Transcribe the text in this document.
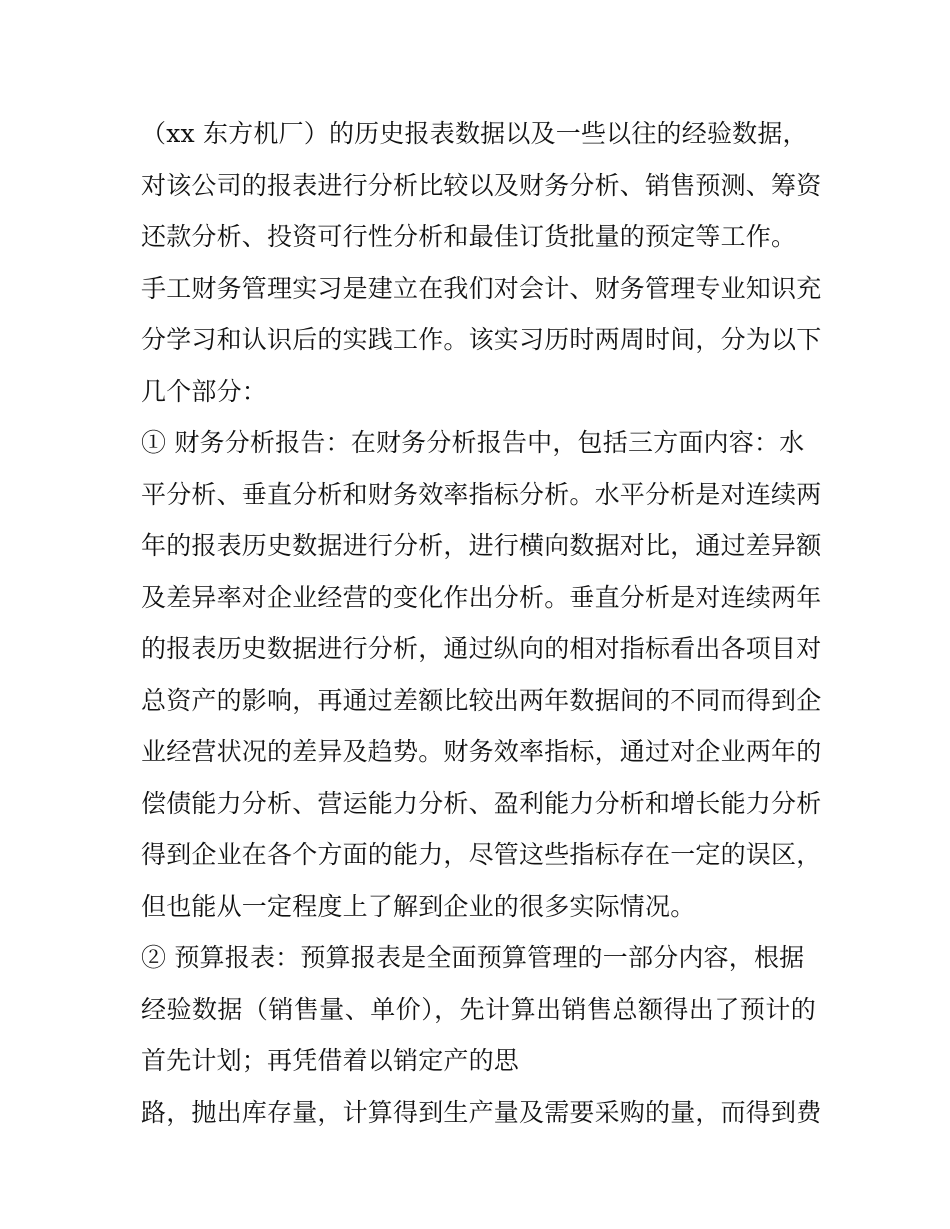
（xx 东方机厂）的历史报表数据以及一些以往的经验数据，
对该公司的报表进行分析比较以及财务分析、销售预测、筹资
还款分析、投资可行性分析和最佳订货批量的预定等工作。
手工财务管理实习是建立在我们对会计、财务管理专业知识充
分学习和认识后的实践工作。该实习历时两周时间，分为以下
几个部分：
① 财务分析报告：在财务分析报告中，包括三方面内容：水
平分析、垂直分析和财务效率指标分析。水平分析是对连续两
年的报表历史数据进行分析，进行横向数据对比，通过差异额
及差异率对企业经营的变化作出分析。垂直分析是对连续两年
的报表历史数据进行分析，通过纵向的相对指标看出各项目对
总资产的影响，再通过差额比较出两年数据间的不同而得到企
业经营状况的差异及趋势。财务效率指标，通过对企业两年的
偿债能力分析、营运能力分析、盈利能力分析和增长能力分析
得到企业在各个方面的能力，尽管这些指标存在一定的误区，
但也能从一定程度上了解到企业的很多实际情况。
② 预算报表：预算报表是全面预算管理的一部分内容，根据
经验数据（销售量、单价），先计算出销售总额得出了预计的
首先计划；再凭借着以销定产的思
路，抛出库存量，计算得到生产量及需要采购的量，而得到费
